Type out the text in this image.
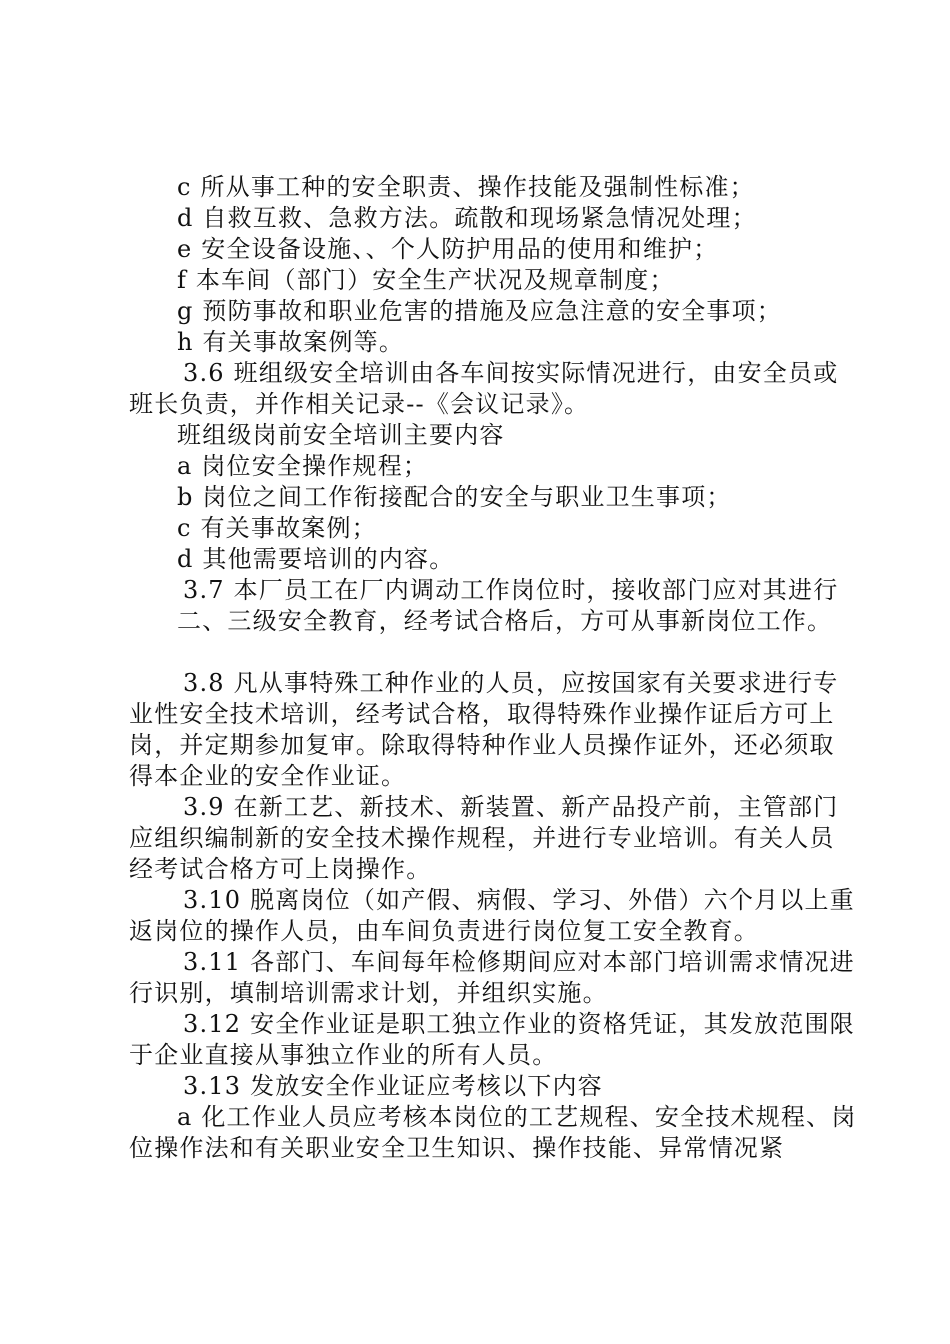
c 所从事工种的安全职责、操作技能及强制性标准；

d 自救互救、急救方法。疏散和现场紧急情况处理；

e 安全设备设施、、个人防护用品的使用和维护；

f 本车间（部门）安全生产状况及规章制度；

g 预防事故和职业危害的措施及应急注意的安全事项；

h 有关事故案例等。

3.6 班组级安全培训由各车间按实际情况进行，由安全员或班长负责，并作相关记录--《会议记录》。

班组级岗前安全培训主要内容

a 岗位安全操作规程；

b 岗位之间工作衔接配合的安全与职业卫生事项；

c 有关事故案例；

d 其他需要培训的内容。

3.7 本厂员工在厂内调动工作岗位时，接收部门应对其进行

二、三级安全教育，经考试合格后，方可从事新岗位工作。

3.8 凡从事特殊工种作业的人员，应按国家有关要求进行专业性安全技术培训，经考试合格，取得特殊作业操作证后方可上岗，并定期参加复审。除取得特种作业人员操作证外，还必须取得本企业的安全作业证。

3.9 在新工艺、新技术、新装置、新产品投产前，主管部门应组织编制新的安全技术操作规程，并进行专业培训。有关人员经考试合格方可上岗操作。

3.10 脱离岗位（如产假、病假、学习、外借）六个月以上重返岗位的操作人员，由车间负责进行岗位复工安全教育。

3.11 各部门、车间每年检修期间应对本部门培训需求情况进行识别，填制培训需求计划，并组织实施。

3.12 安全作业证是职工独立作业的资格凭证，其发放范围限于企业直接从事独立作业的所有人员。

3.13 发放安全作业证应考核以下内容

a 化工作业人员应考核本岗位的工艺规程、安全技术规程、岗位操作法和有关职业安全卫生知识、操作技能、异常情况紧
